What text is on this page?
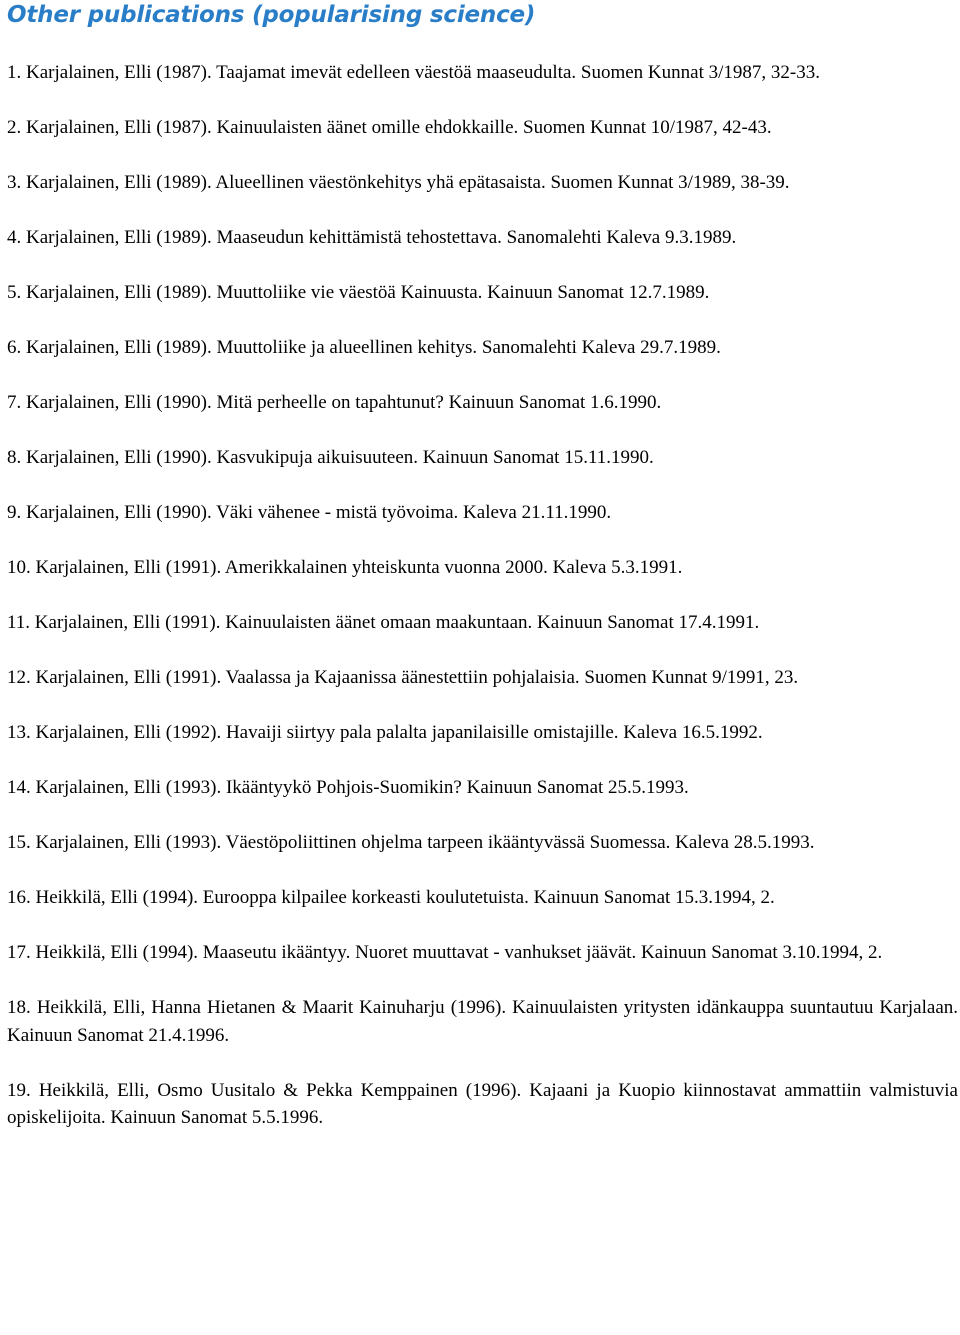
Other publications (popularising science)
1. Karjalainen, Elli (1987). Taajamat imevät edelleen väestöä maaseudulta. Suomen Kunnat 3/1987, 32-33.
2. Karjalainen, Elli (1987). Kainuulaisten äänet omille ehdokkaille. Suomen Kunnat 10/1987, 42-43.
3. Karjalainen, Elli (1989). Alueellinen väestönkehitys yhä epätasaista. Suomen Kunnat 3/1989, 38-39.
4. Karjalainen, Elli (1989). Maaseudun kehittämistä tehostettava. Sanomalehti Kaleva 9.3.1989.
5. Karjalainen, Elli (1989). Muuttoliike vie väestöä Kainuusta. Kainuun Sanomat 12.7.1989.
6. Karjalainen, Elli (1989). Muuttoliike ja alueellinen kehitys. Sanomalehti Kaleva 29.7.1989.
7. Karjalainen, Elli (1990). Mitä perheelle on tapahtunut? Kainuun Sanomat 1.6.1990.
8. Karjalainen, Elli (1990). Kasvukipuja aikuisuuteen. Kainuun Sanomat 15.11.1990.
9. Karjalainen, Elli (1990). Väki vähenee - mistä työvoima. Kaleva 21.11.1990.
10. Karjalainen, Elli (1991). Amerikkalainen yhteiskunta vuonna 2000. Kaleva 5.3.1991.
11. Karjalainen, Elli (1991). Kainuulaisten äänet omaan maakuntaan. Kainuun Sanomat 17.4.1991.
12. Karjalainen, Elli (1991). Vaalassa ja Kajaanissa äänestettiin pohjalaisia. Suomen Kunnat 9/1991, 23.
13. Karjalainen, Elli (1992). Havaiji siirtyy pala palalta japanilaisille omistajille. Kaleva 16.5.1992.
14. Karjalainen, Elli (1993). Ikääntyykö Pohjois-Suomikin? Kainuun Sanomat 25.5.1993.
15. Karjalainen, Elli (1993). Väestöpoliittinen ohjelma tarpeen ikääntyvässä Suomessa. Kaleva 28.5.1993.
16. Heikkilä, Elli (1994). Eurooppa kilpailee korkeasti koulutetuista. Kainuun Sanomat 15.3.1994, 2.
17. Heikkilä, Elli (1994). Maaseutu ikääntyy. Nuoret muuttavat - vanhukset jäävät. Kainuun Sanomat 3.10.1994, 2.
18. Heikkilä, Elli, Hanna Hietanen & Maarit Kainuharju (1996). Kainuulaisten yritysten idänkauppa suuntautuu Karjalaan. Kainuun Sanomat 21.4.1996.
19. Heikkilä, Elli, Osmo Uusitalo & Pekka Kemppainen (1996). Kajaani ja Kuopio kiinnostavat ammattiin valmistuvia opiskelijoita. Kainuun Sanomat 5.5.1996.
